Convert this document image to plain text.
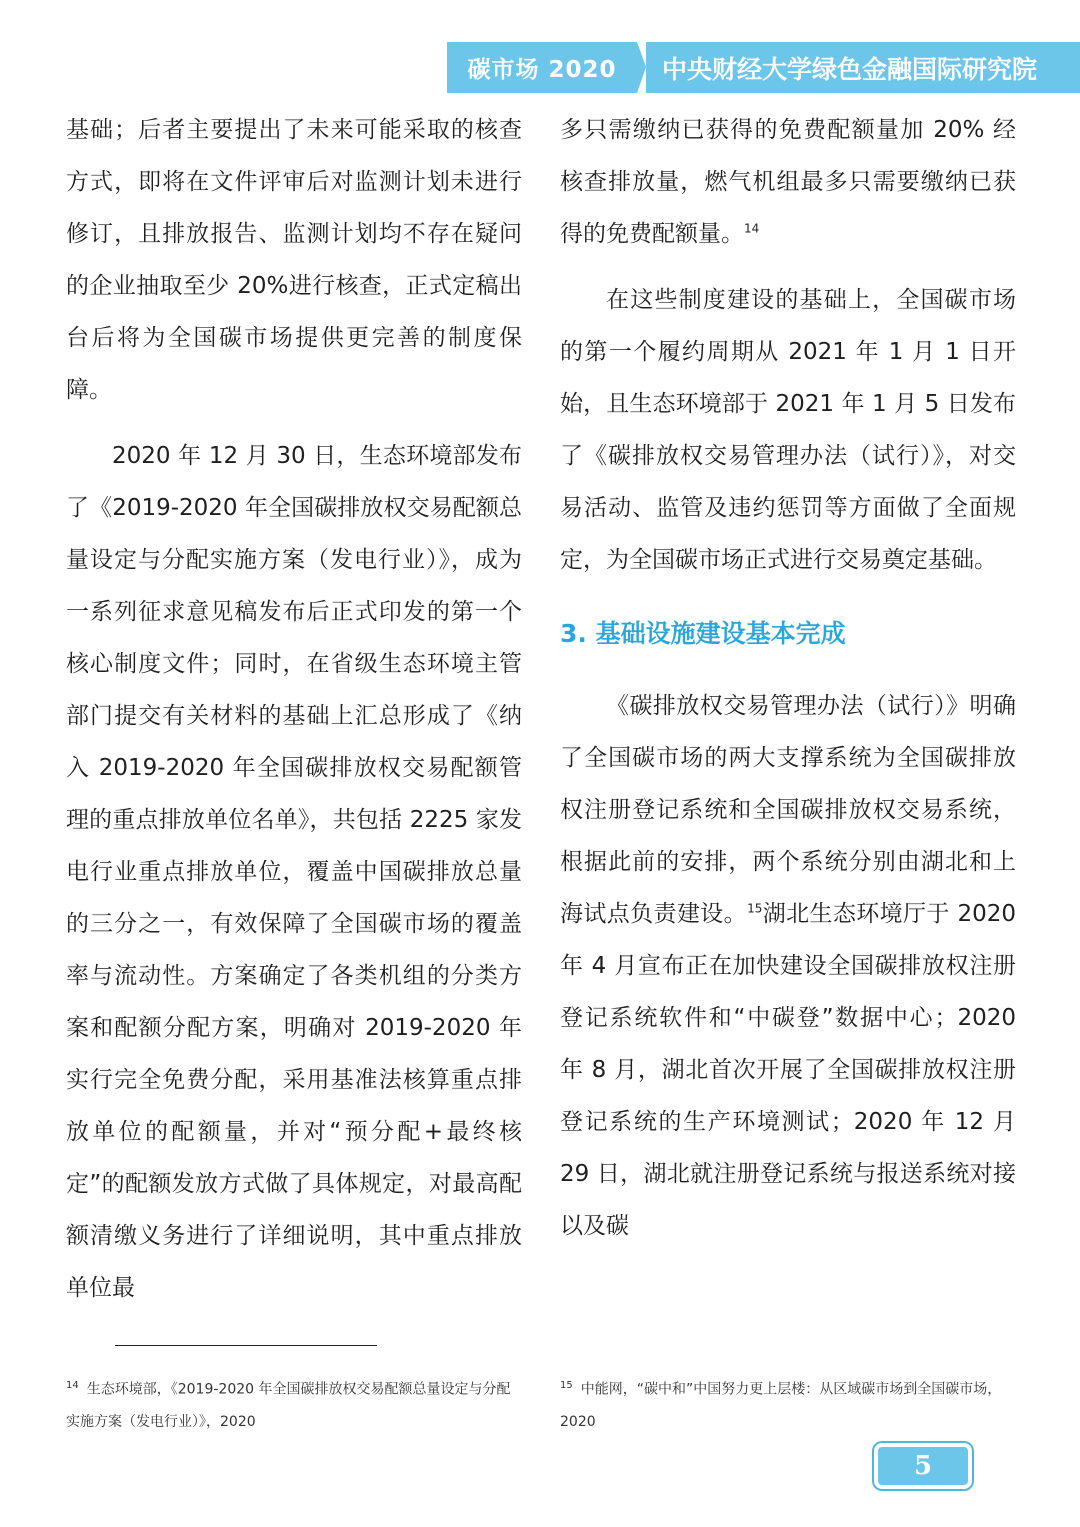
碳市场 2020	中央财经大学绿色金融国际研究院

基础；后者主要提出了未来可能采取的核查方式，即将在文件评审后对监测计划未进行修订，且排放报告、监测计划均不存在疑问的企业抽取至少 20%进行核查，正式定稿出台后将为全国碳市场提供更完善的制度保障。

2020 年 12 月 30 日，生态环境部发布了《2019-2020 年全国碳排放权交易配额总量设定与分配实施方案（发电行业）》，成为一系列征求意见稿发布后正式印发的第一个核心制度文件；同时，在省级生态环境主管部门提交有关材料的基础上汇总形成了《纳入 2019-2020 年全国碳排放权交易配额管理的重点排放单位名单》，共包括 2225 家发电行业重点排放单位，覆盖中国碳排放总量的三分之一，有效保障了全国碳市场的覆盖率与流动性。方案确定了各类机组的分类方案和配额分配方案，明确对 2019-2020 年实行完全免费分配，采用基准法核算重点排放单位的配额量，并对“预分配+最终核定”的配额发放方式做了具体规定，对最高配额清缴义务进行了详细说明，其中重点排放单位最

多只需缴纳已获得的免费配额量加 20% 经核查排放量，燃气机组最多只需要缴纳已获得的免费配额量。$^{14}$

在这些制度建设的基础上，全国碳市场的第一个履约周期从 2021 年 1 月 1 日开始，且生态环境部于 2021 年 1 月 5 日发布了《碳排放权交易管理办法（试行）》，对交易活动、监管及违约惩罚等方面做了全面规定，为全国碳市场正式进行交易奠定基础。

3. 基础设施建设基本完成

《碳排放权交易管理办法（试行）》明确了全国碳市场的两大支撑系统为全国碳排放权注册登记系统和全国碳排放权交易系统，根据此前的安排，两个系统分别由湖北和上海试点负责建设。$^{15}$湖北生态环境厅于 2020 年 4 月宣布正在加快建设全国碳排放权注册登记系统软件和“中碳登”数据中心；2020 年 8 月，湖北首次开展了全国碳排放权注册登记系统的生产环境测试；2020 年 12 月 29 日，湖北就注册登记系统与报送系统对接以及碳

$^{14}$ 生态环境部，《2019-2020 年全国碳排放权交易配额总量设定与分配实施方案（发电行业）》，2020
$^{15}$ 中能网，“碳中和”中国努力更上层楼：从区域碳市场到全国碳市场，2020
5
